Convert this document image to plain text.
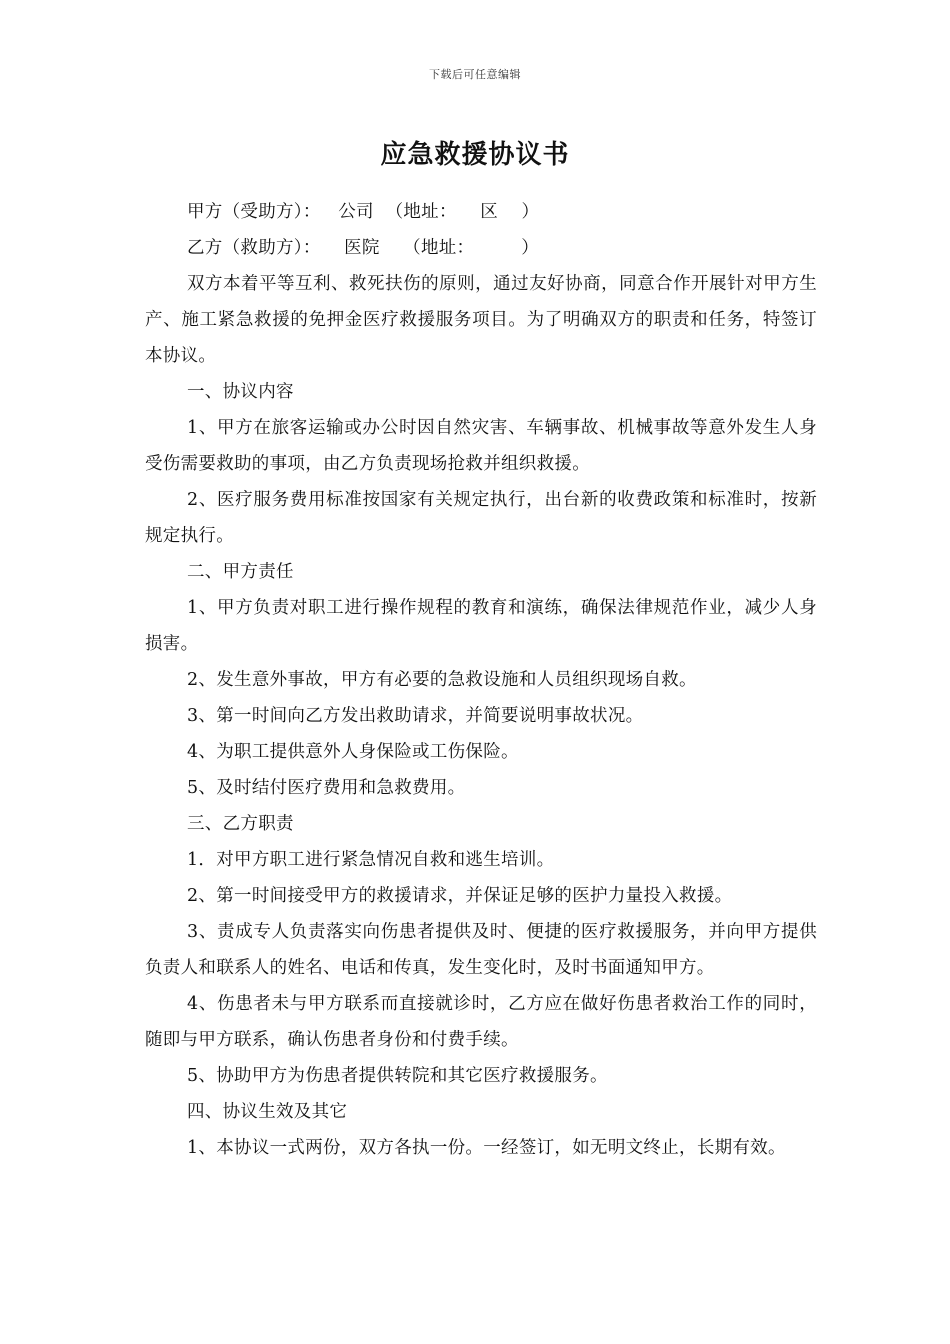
下载后可任意编辑
应急救援协议书

甲方（受助方）：   公司  （地址：    区    ）

乙方（救助方）：    医院    （地址：        ）

双方本着平等互利、救死扶伤的原则，通过友好协商，同意合作开展针对甲方生产、施工紧急救援的免押金医疗救援服务项目。为了明确双方的职责和任务，特签订本协议。

一、协议内容

1、甲方在旅客运输或办公时因自然灾害、车辆事故、机械事故等意外发生人身受伤需要救助的事项，由乙方负责现场抢救并组织救援。

2、医疗服务费用标准按国家有关规定执行，出台新的收费政策和标准时，按新规定执行。

二、甲方责任

1、甲方负责对职工进行操作规程的教育和演练，确保法律规范作业，减少人身损害。

2、发生意外事故，甲方有必要的急救设施和人员组织现场自救。

3、第一时间向乙方发出救助请求，并简要说明事故状况。

4、为职工提供意外人身保险或工伤保险。

5、及时结付医疗费用和急救费用。

三、乙方职责

1．对甲方职工进行紧急情况自救和逃生培训。

2、第一时间接受甲方的救援请求，并保证足够的医护力量投入救援。

3、责成专人负责落实向伤患者提供及时、便捷的医疗救援服务，并向甲方提供负责人和联系人的姓名、电话和传真，发生变化时，及时书面通知甲方。

4、伤患者未与甲方联系而直接就诊时，乙方应在做好伤患者救治工作的同时，随即与甲方联系，确认伤患者身份和付费手续。

5、协助甲方为伤患者提供转院和其它医疗救援服务。

四、协议生效及其它

1、本协议一式两份，双方各执一份。一经签订，如无明文终止，长期有效。
